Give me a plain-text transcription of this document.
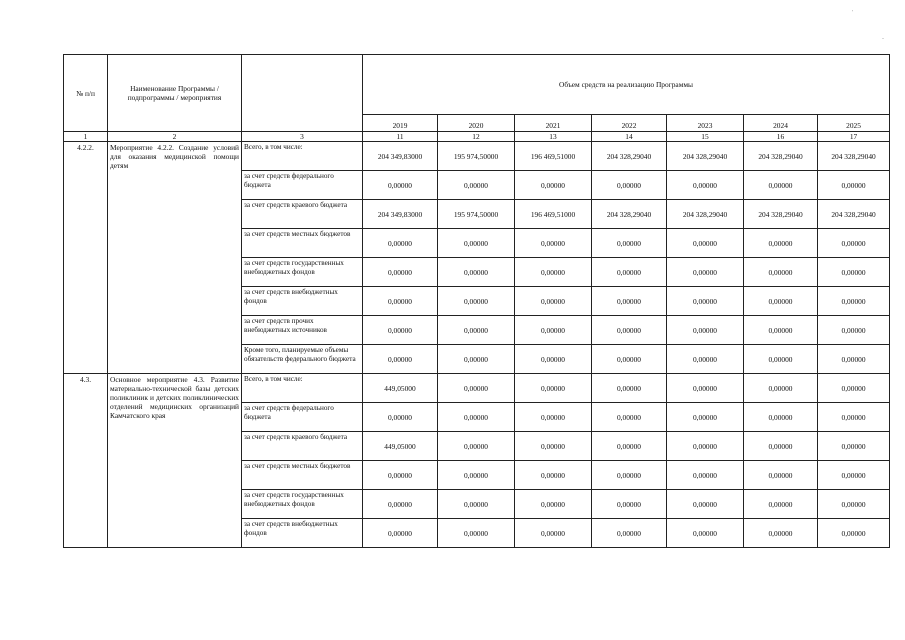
'
-
№ п/п	Наименование Программы / подпрограммы / мероприятия		Объем средств на реализацию Программы						
			2019	2020	2021	2022	2023	2024	2025
1	2	3	11	12	13	14	15	16	17
4.2.2.	Мероприятие 4.2.2. Создание условий для оказания медицинской помощи детям	Всего, в том числе:	204 349,83000	195 974,50000	196 469,51000	204 328,29040	204 328,29040	204 328,29040	204 328,29040
		за счет средств федерального бюджета	0,00000	0,00000	0,00000	0,00000	0,00000	0,00000	0,00000
		за счет средств краевого бюджета	204 349,83000	195 974,50000	196 469,51000	204 328,29040	204 328,29040	204 328,29040	204 328,29040
		за счет средств местных бюджетов	0,00000	0,00000	0,00000	0,00000	0,00000	0,00000	0,00000
		за счет средств государственных внебюджетных фондов	0,00000	0,00000	0,00000	0,00000	0,00000	0,00000	0,00000
		за счет средств внебюджетных фондов	0,00000	0,00000	0,00000	0,00000	0,00000	0,00000	0,00000
		за счет средств прочих внебюджетных источников	0,00000	0,00000	0,00000	0,00000	0,00000	0,00000	0,00000
		Кроме того, планируемые объемы обязательств федерального бюджета	0,00000	0,00000	0,00000	0,00000	0,00000	0,00000	0,00000
4.3.	Основное мероприятие 4.3. Развитие материально-технической базы детских поликлиник и детских поликлинических отделений медицинских организаций Камчатского края	Всего, в том числе:	449,05000	0,00000	0,00000	0,00000	0,00000	0,00000	0,00000
		за счет средств федерального бюджета	0,00000	0,00000	0,00000	0,00000	0,00000	0,00000	0,00000
		за счет средств краевого бюджета	449,05000	0,00000	0,00000	0,00000	0,00000	0,00000	0,00000
		за счет средств местных бюджетов	0,00000	0,00000	0,00000	0,00000	0,00000	0,00000	0,00000
		за счет средств государственных внебюджетных фондов	0,00000	0,00000	0,00000	0,00000	0,00000	0,00000	0,00000
		за счет средств внебюджетных фондов	0,00000	0,00000	0,00000	0,00000	0,00000	0,00000	0,00000
